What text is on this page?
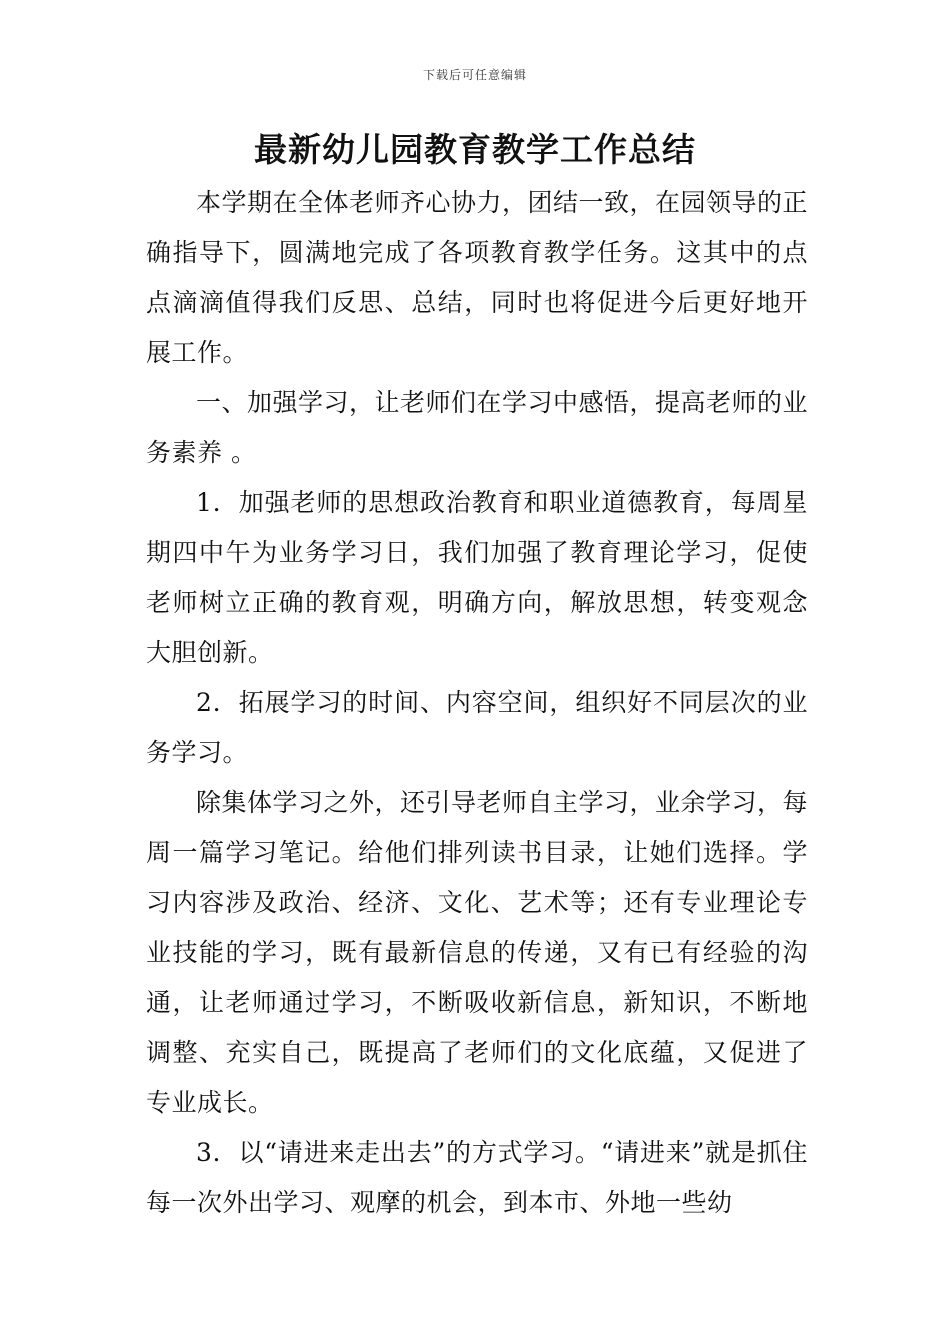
下载后可任意编辑
最新幼儿园教育教学工作总结

本学期在全体老师齐心协力，团结一致，在园领导的正确指导下，圆满地完成了各项教育教学任务。这其中的点点滴滴值得我们反思、总结，同时也将促进今后更好地开展工作。

一、加强学习，让老师们在学习中感悟，提高老师的业务素养 。

1．加强老师的思想政治教育和职业道德教育，每周星期四中午为业务学习日，我们加强了教育理论学习，促使老师树立正确的教育观，明确方向，解放思想，转变观念大胆创新。

2．拓展学习的时间、内容空间，组织好不同层次的业务学习。

除集体学习之外，还引导老师自主学习，业余学习，每周一篇学习笔记。给他们排列读书目录，让她们选择。学习内容涉及政治、经济、文化、艺术等；还有专业理论专业技能的学习，既有最新信息的传递，又有已有经验的沟通，让老师通过学习，不断吸收新信息，新知识，不断地调整、充实自己，既提高了老师们的文化底蕴，又促进了专业成长。

3．以“请进来走出去”的方式学习。“请进来”就是抓住每一次外出学习、观摩的机会，到本市、外地一些幼
